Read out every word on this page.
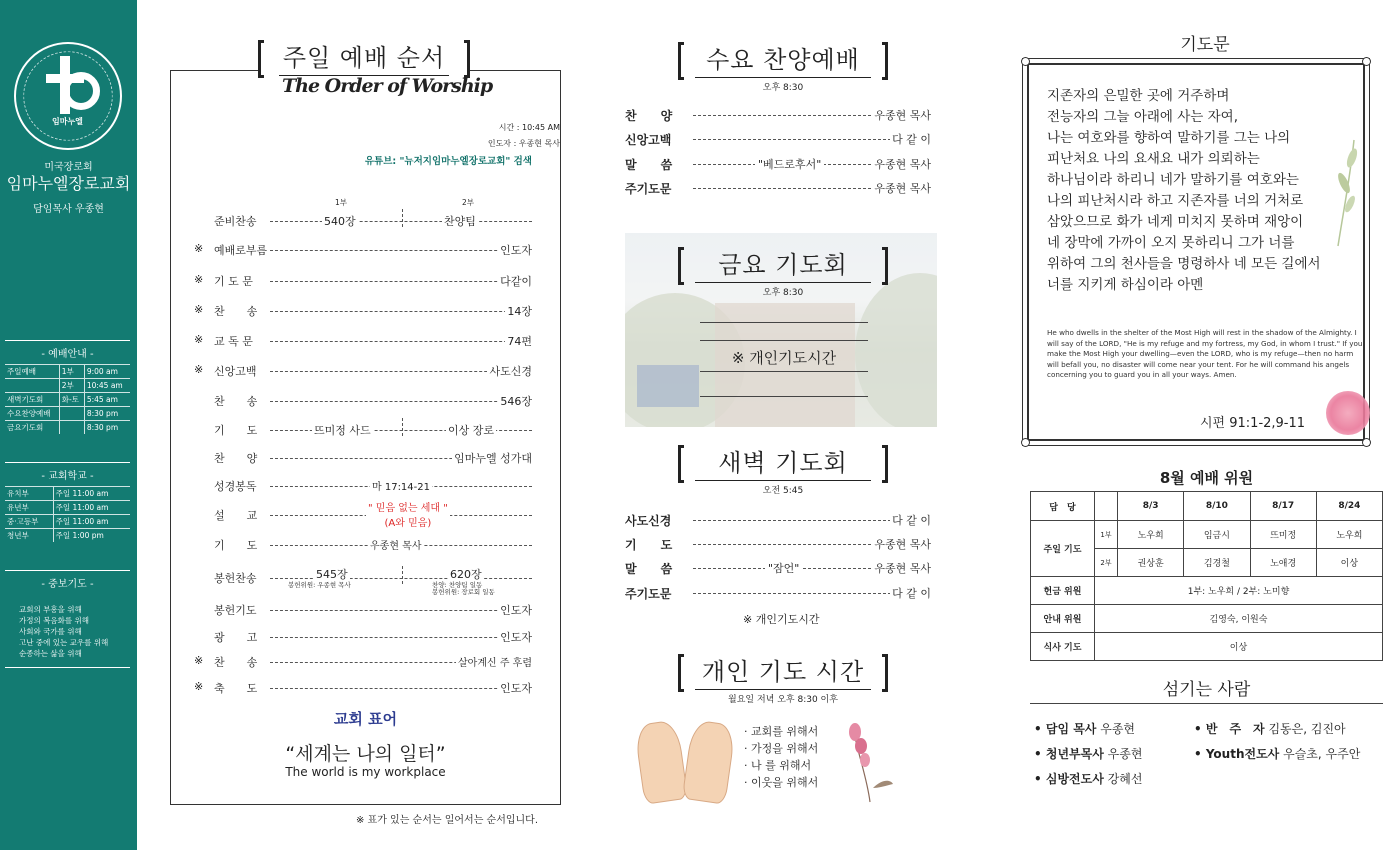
임마누엘
미국장로회
임마누엘장로교회
담임목사 우종현
- 예배안내 -
주일예배	1부	9:00 am
	2부	10:45 am
새벽기도회	화-토	5:45 am
수요찬양예배		8:30 pm
금요기도회		8:30 pm
- 교회학교 -
유치부	주일 11:00 am
유년부	주일 11:00 am
중·고등부	주일 11:00 am
청년부	주일 1:00 pm
- 중보기도 -
교회의 부흥을 위해
가정의 복음화를 위해
사회와 국가를 위해
고난 중에 있는 교우를 위해
순종하는 삶을 위해
주일 예배 순서
The Order of Worship
시간 : 10:45 AM
인도자 : 우종현 목사
유튜브: "뉴저지임마누엘장로교회" 검색
1부	2부
준비찬송	540장	찬양팀
※ 예배로부름	인도자
※ 기 도 문	다같이
※ 찬　　송	14장
※ 교 독 문	74편
※ 신앙고백	사도신경
찬　　송	546장
기　　도	뜨미정 사드	이상 장로
찬　　양	임마누엘 성가대
성경봉독	마 17:14-21
설　　교
" 믿음 없는 세대 "
(A와 믿음)
기　　도	우종현 목사
봉헌찬송	545장	620장
봉헌위원: 우종현 목사	찬양: 찬양팀 일동
봉헌위원: 장로회 일동
봉헌기도	인도자
광　　고	인도자
※ 찬　　송	살아계신 주 후렴
※ 축　　도	인도자
교회 표어
“세계는 나의 일터”
The world is my workplace
※ 표가 있는 순서는 일어서는 순서입니다.
수요 찬양예배
오후 8:30
찬　　양	우종현 목사
신앙고백	다 같 이
말　　씀	"베드로후서"	우종현 목사
주기도문	우종현 목사
금요 기도회
오후 8:30
※ 개인기도시간
새벽 기도회
오전 5:45
사도신경	다 같 이
기　　도	우종현 목사
말　　씀	"잠언"	우종현 목사
주기도문	다 같 이
※ 개인기도시간
개인 기도 시간
월요일 저녁 오후 8:30 이후
· 교회를 위해서
· 가정을 위해서
· 나 를 위해서
· 이웃을 위해서
기도문
지존자의 은밀한 곳에 거주하며
전능자의 그늘 아래에 사는 자여,
나는 여호와를 향하여 말하기를 그는 나의
피난처요 나의 요새요 내가 의뢰하는
하나님이라 하리니 네가 말하기를 여호와는
나의 피난처시라 하고 지존자를 너의 거처로
삼았으므로 화가 네게 미치지 못하며 재앙이
네 장막에 가까이 오지 못하리니 그가 너를
위하여 그의 천사들을 명령하사 네 모든 길에서
너를 지키게 하심이라 아멘
He who dwells in the shelter of the Most High will rest in the shadow of the Almighty. I will say of the LORD, "He is my refuge and my fortress, my God, in whom I trust." If you make the Most High your dwelling—even the LORD, who is my refuge—then no harm will befall you, no disaster will come near your tent. For he will command his angels concerning you to guard you in all your ways. Amen.
시편 91:1-2,9-11
8월 예배 위원
담　당		8/3	8/10	8/17	8/24
주일 기도	1부	노우희	임금시	뜨미정	노우희
	2부	권상훈	김경철	노애경	이상
헌금 위원	1부: 노우희 / 2부: 노미향				
안내 위원	김영숙, 이원숙				
식사 기도	이상				
섬기는 사람
• 담임 목사 우종현
• 청년부목사 우종현
• 심방전도사 강혜선
• 반　주　자 김동은, 김진아
• Youth전도사 우슬초, 우주안
